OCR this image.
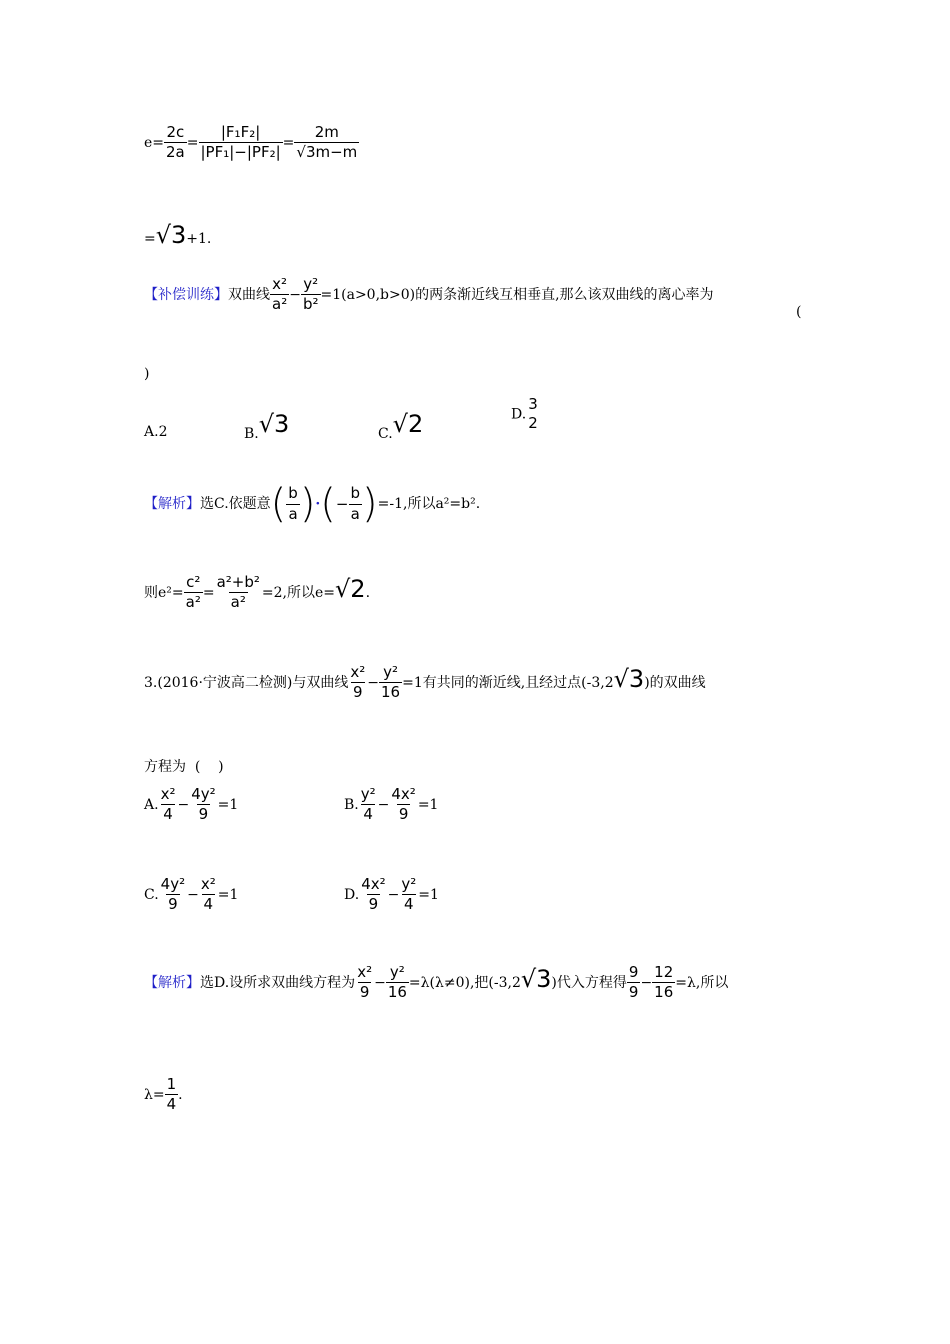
$e= \frac{2c}{2a} = \frac{\text{|F₁F₂|}}{\text{|PF₁|−|PF₂|}} = \frac{2m}{√3m-m}$
=√3+1.
【补偿训练】双曲线 $\frac{\text{x²}}{\text{a²}} - \frac{\text{y²}}{\text{b²}} =1(a>0,b>0)$的两条渐近线互相垂直,那么该双曲线的离心率为
(
)
A.2	B.√3	C.√2	D.
3
2
【解析】选C.依题意( $\frac{b}{a}$ )·(− $\frac{b}{a} )=-1$,所以a²=b².
则$e^2= \frac{\text{c²}}{\text{a²}} = \frac{\text{a²+b²}}{\text{a²}} =2$,所以e=√2.
3.(2016·宁波高二检测)与双曲线 $\frac{\text{x²}}{9} - \frac{\text{y²}}{16} =1$有共同的渐近线,且经过点(-3,2√3)的双曲线
方程为  (    )
A. $\frac{\text{x²}}{4} - \frac{\text{4y²}}{9} =1$	B. $\frac{\text{y²}}{4} - \frac{\text{4x²}}{9} =1$
C. $\frac{\text{4y²}}{9} - \frac{\text{x²}}{4} =1$	D. $\frac{\text{4x²}}{9} - \frac{\text{y²}}{4} =1$
【解析】选D.设所求双曲线方程为 $\frac{\text{x²}}{9} - \frac{\text{y²}}{16} =\lambda(\lambda\ne 0)$,把(-3,2√3)代入方程得 $\frac{9}{9} - \frac{12}{16} =\lambda$,所以
$\lambda= \frac{1}{4}$ .
